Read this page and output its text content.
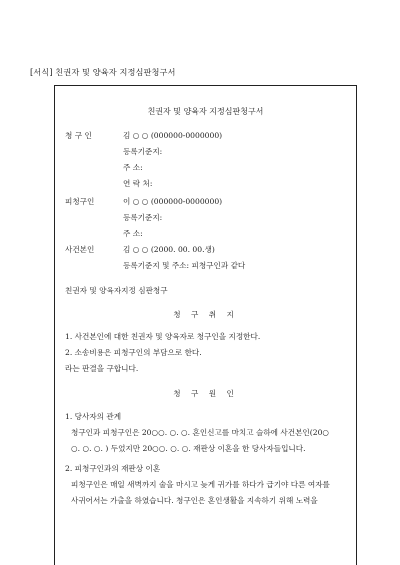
[서식] 친권자 및 양육자 지정심판청구서
친권자 및 양육자 지정심판청구서
청 구 인	김 ○ ○ (000000-0000000)
등록기준지:
주 소:
연 락 처:
피청구인	이 ○ ○ (000000-0000000)
등록기준지:
주 소:
사건본인	김 ○ ○ (2000. 00. 00.생)
등록기준지 및 주소: 피청구인과 같다
친권자 및 양육자지정 심판청구
청 구 취 지
1. 사건본인에 대한 친권자 및 양육자로 청구인을 지정한다.
2. 소송비용은 피청구인의 부담으로 한다.
라는 판결을 구합니다.
청 구 원 인
1. 당사자의 관계
청구인과 피청구인은 20○○. ○. ○. 혼인신고를 마치고 슬하에 사건본인(20○
○. ○. ○. ) 두었지만 20○○. ○. ○. 재판상 이혼을 한 당사자들입니다.
2. 피청구인과의 재판상 이혼
피청구인은 매일 새벽까지 술을 마시고 늦게 귀가를 하다가 급기야 다른 여자를
사귀어서는 가출을 하였습니다. 청구인은 혼인생활을 지속하기 위해 노력을
